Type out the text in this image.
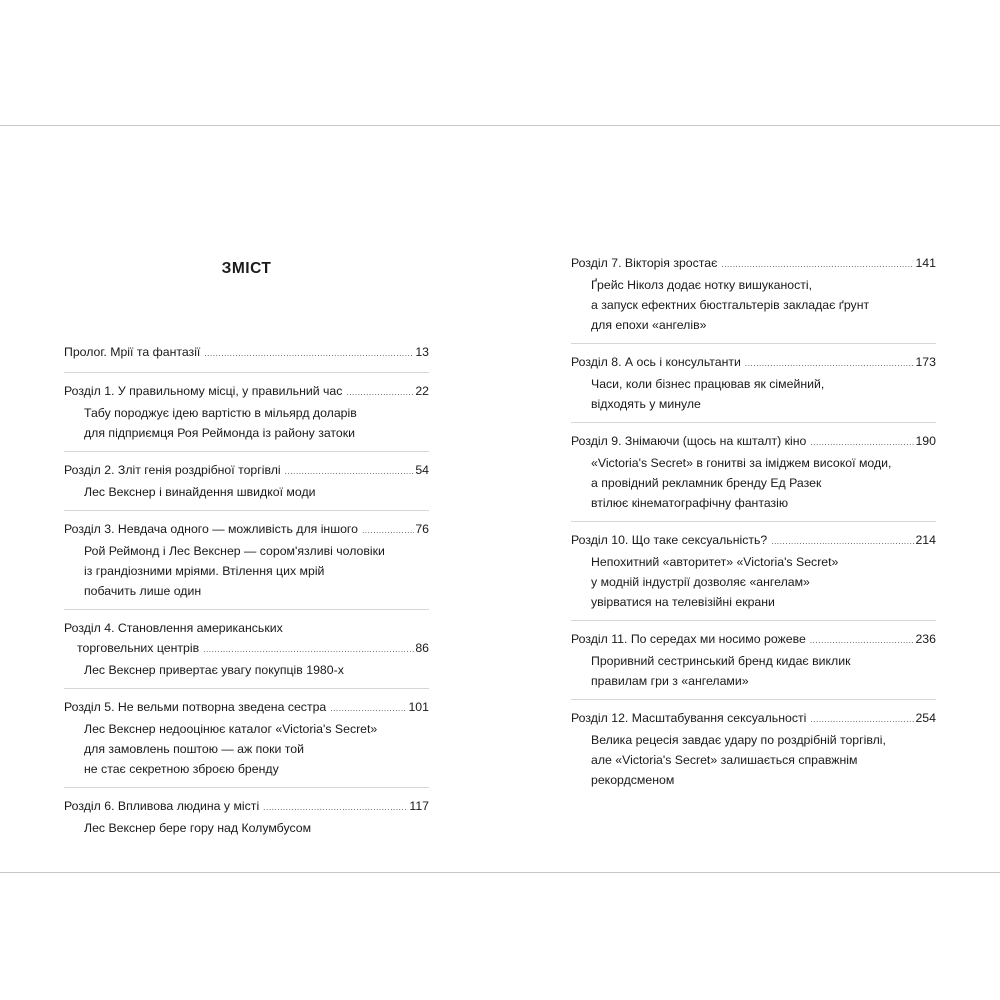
ЗМІСТ
Пролог. Мрії та фантазії .....	13
Розділ 1. У правильному місці, у правильний час .....	22
Табу породжує ідею вартістю в мільярд доларів
для підприємця Роя Реймонда із району затоки
Розділ 2. Зліт генія роздрібної торгівлі .....	54
Лес Векснер і винайдення швидкої моди
Розділ 3. Невдача одного — можливість для іншого .....	76
Рой Реймонд і Лес Векснер — сором'язливі чоловіки
із грандіозними мріями. Втілення цих мрій
побачить лише один
Розділ 4. Становлення американських
торговельних центрів .....	86
Лес Векснер привертає увагу покупців 1980-х
Розділ 5. Не вельми потворна зведена сестра .....	101
Лес Векснер недооцінює каталог «Victoria's Secret»
для замовлень поштою — аж поки той
не стає секретною зброєю бренду
Розділ 6. Впливова людина у місті .....	117
Лес Векснер бере гору над Колумбусом
Розділ 7. Вікторія зростає .....	141
Ґрейс Ніколз додає нотку вишуканості,
а запуск ефектних бюстгальтерів закладає ґрунт
для епохи «ангелів»
Розділ 8. А ось і консультанти .....	173
Часи, коли бізнес працював як сімейний,
відходять у минуле
Розділ 9. Знімаючи (щось на кшталт) кіно .....	190
«Victoria's Secret» в гонитві за іміджем високої моди,
а провідний рекламник бренду Ед Разек
втілює кінематографічну фантазію
Розділ 10. Що таке сексуальність? .....	214
Непохитний «авторитет» «Victoria's Secret»
у модній індустрії дозволяє «ангелам»
увірватися на телевізійні екрани
Розділ 11. По середах ми носимо рожеве .....	236
Проривний сестринський бренд кидає виклик
правилам гри з «ангелами»
Розділ 12. Масштабування сексуальності .....	254
Велика рецесія завдає удару по роздрібній торгівлі,
але «Victoria's Secret» залишається справжнім
рекордсменом
